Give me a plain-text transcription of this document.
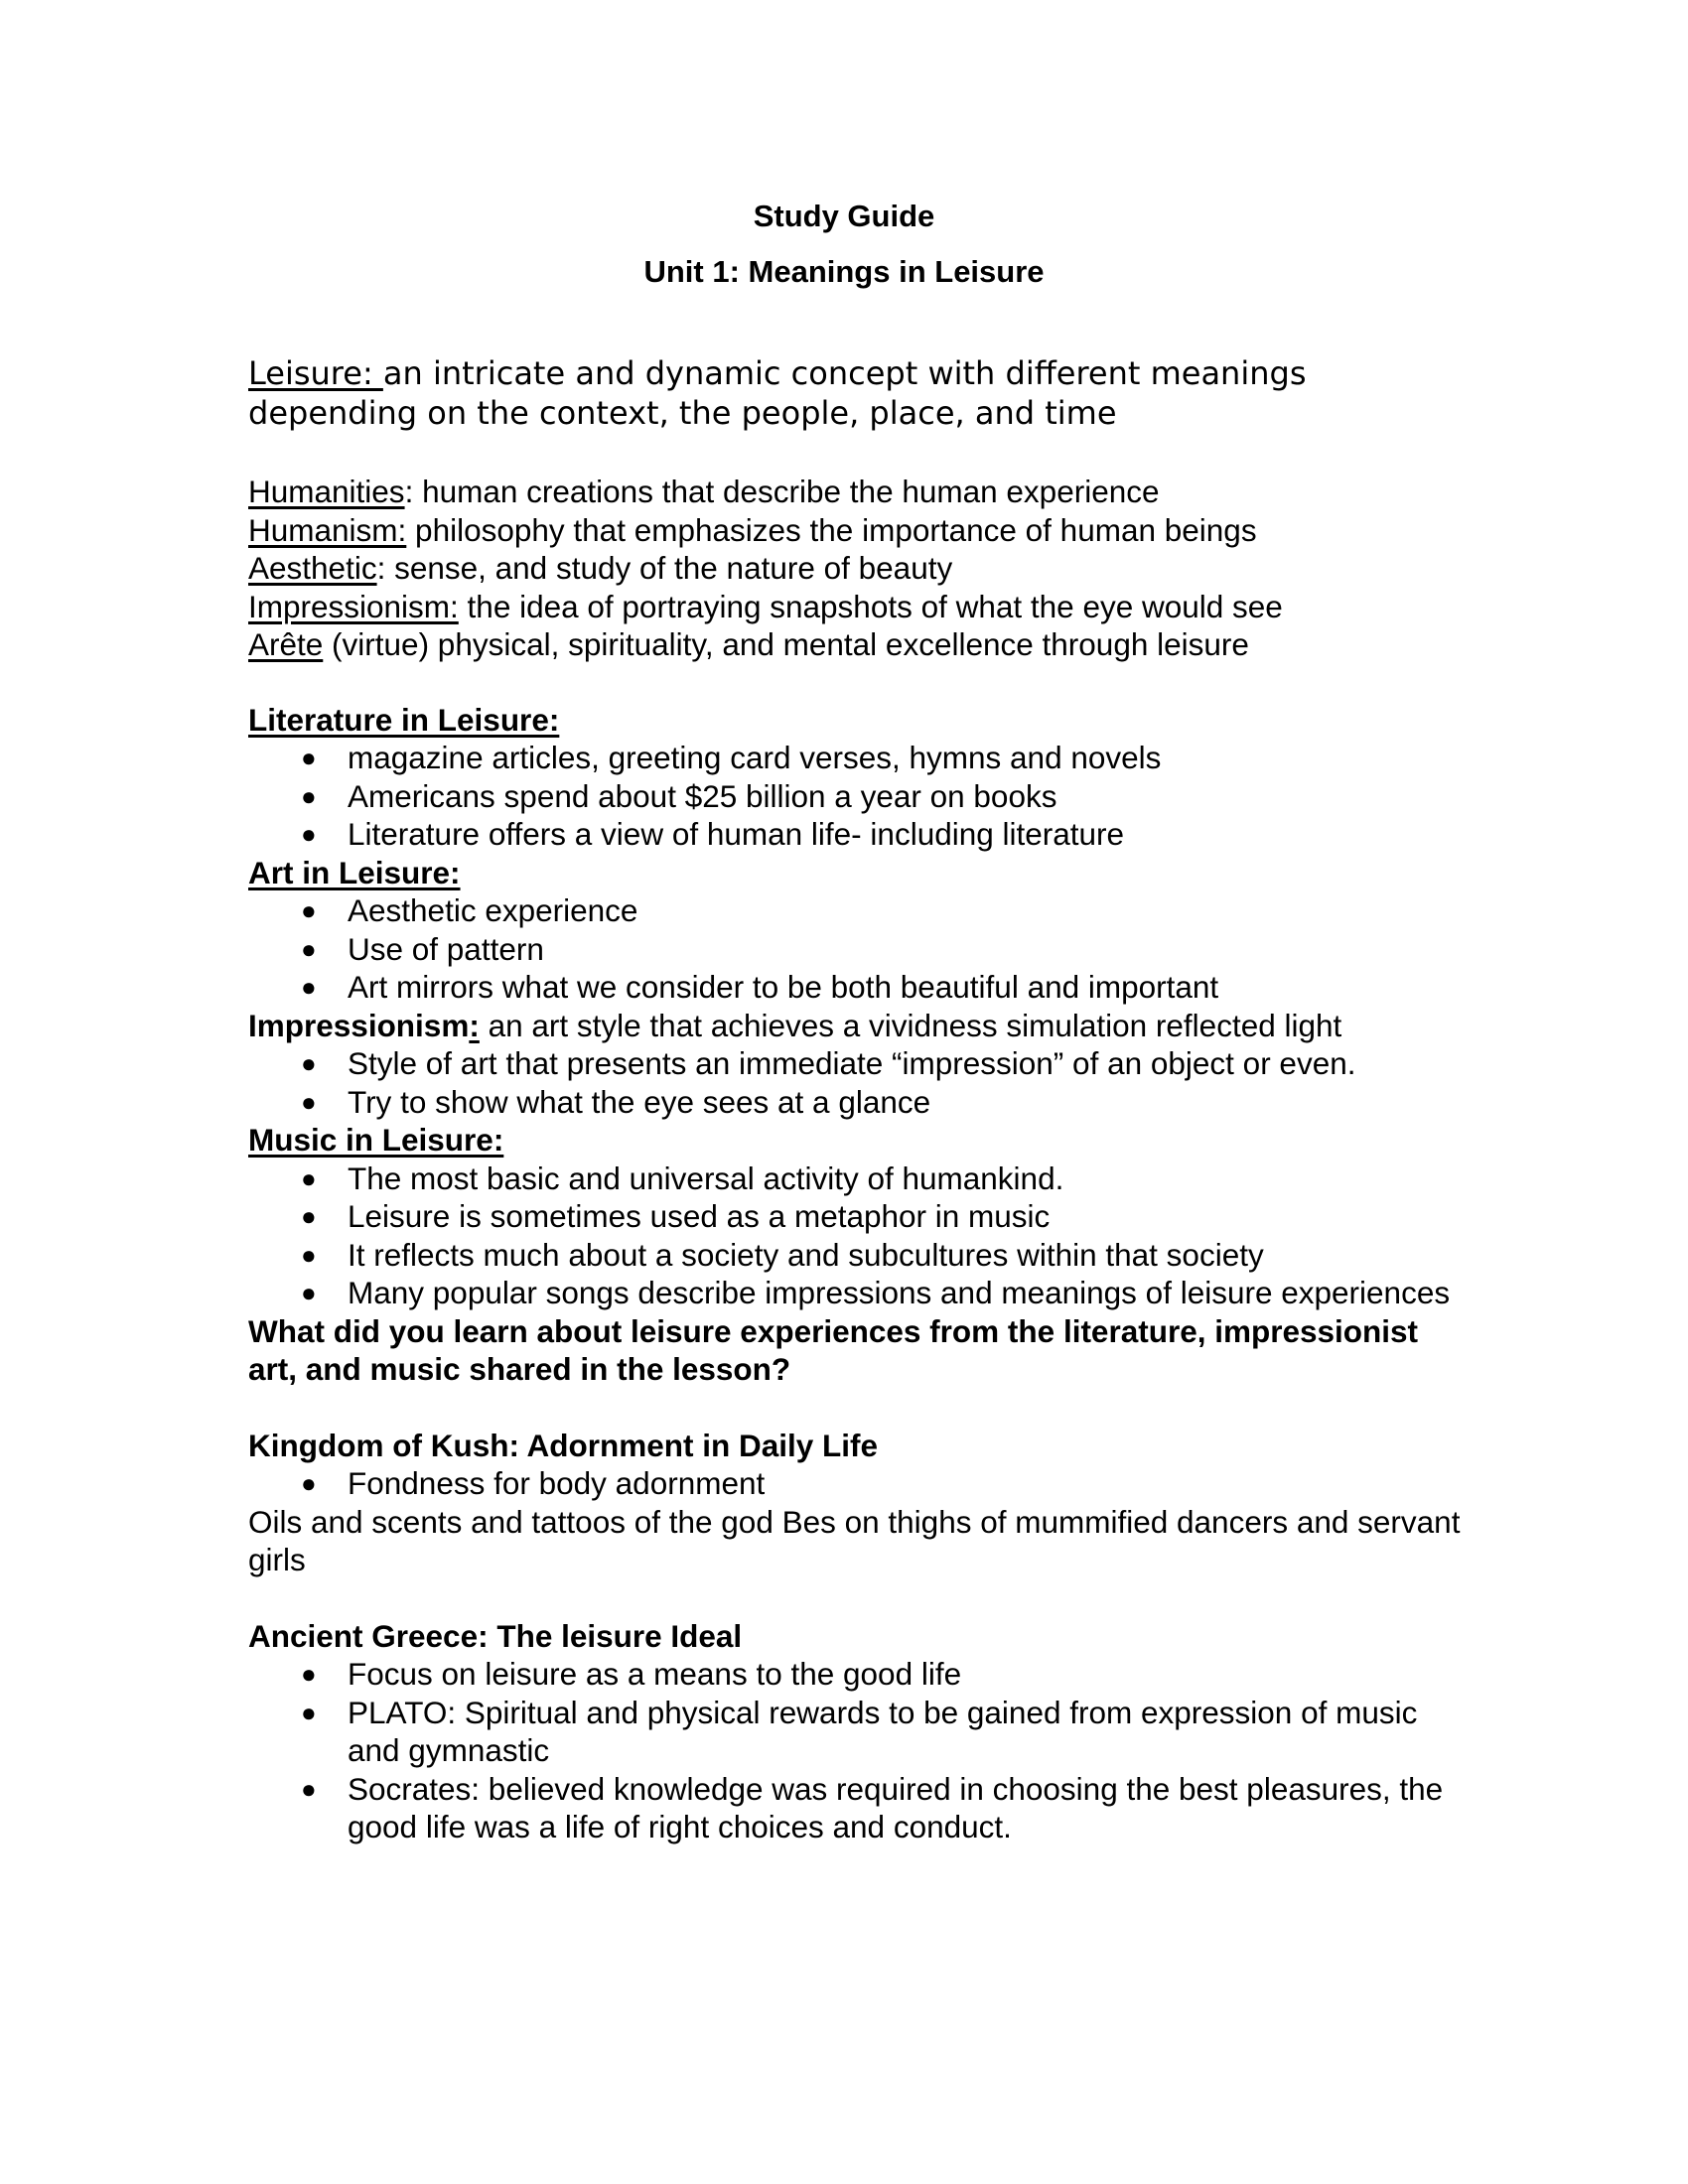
Study Guide
Unit 1: Meanings in Leisure

Leisure: an intricate and dynamic concept with different meanings depending on the context, the people, place, and time

Humanities: human creations that describe the human experience

Humanism: philosophy that emphasizes the importance of human beings

Aesthetic: sense, and study of the nature of beauty

Impressionism: the idea of portraying snapshots of what the eye would see

Arête (virtue) physical, spirituality, and mental excellence through leisure

Literature in Leisure:

● magazine articles, greeting card verses, hymns and novels
● Americans spend about $25 billion a year on books
● Literature offers a view of human life- including literature

Art in Leisure:

● Aesthetic experience
● Use of pattern
● Art mirrors what we consider to be both beautiful and important

Impressionism: an art style that achieves a vividness simulation reflected light

● Style of art that presents an immediate “impression” of an object or even.
● Try to show what the eye sees at a glance

Music in Leisure:

● The most basic and universal activity of humankind.
● Leisure is sometimes used as a metaphor in music
● It reflects much about a society and subcultures within that society
● Many popular songs describe impressions and meanings of leisure experiences

What did you learn about leisure experiences from the literature, impressionist art, and music shared in the lesson?

Kingdom of Kush: Adornment in Daily Life

● Fondness for body adornment

Oils and scents and tattoos of the god Bes on thighs of mummified dancers and servant girls

Ancient Greece: The leisure Ideal

● Focus on leisure as a means to the good life
● PLATO: Spiritual and physical rewards to be gained from expression of music and gymnastic
● Socrates: believed knowledge was required in choosing the best pleasures, the good life was a life of right choices and conduct.
